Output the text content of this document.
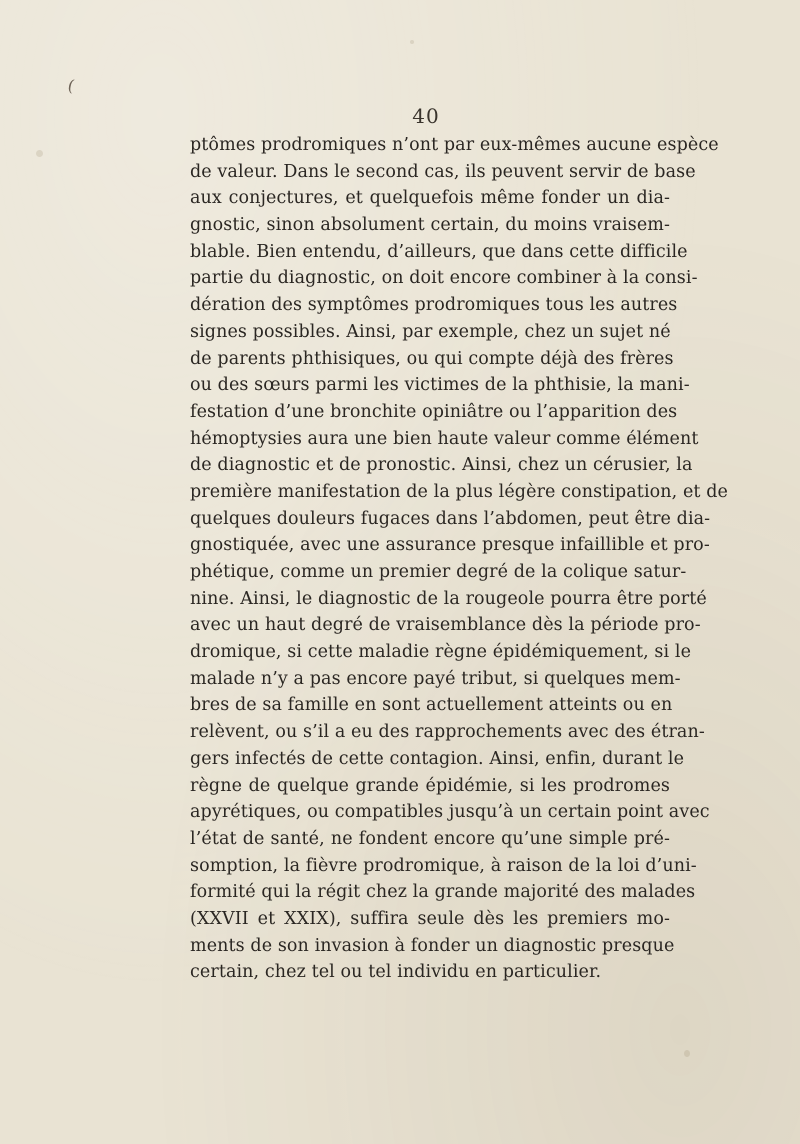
(
40
ptômes prodromiques n’ont par eux-mêmes aucune espèce
de valeur. Dans le second cas, ils peuvent servir de base
aux conjectures, et quelquefois même fonder un dia-
gnostic, sinon absolument certain, du moins vraisem-
blable. Bien entendu, d’ailleurs, que dans cette difficile
partie du diagnostic, on doit encore combiner à la consi-
dération des symptômes prodromiques tous les autres
signes possibles. Ainsi, par exemple, chez un sujet né
de parents phthisiques, ou qui compte déjà des frères
ou des sœurs parmi les victimes de la phthisie, la mani-
festation d’une bronchite opiniâtre ou l’apparition des
hémoptysies aura une bien haute valeur comme élément
de diagnostic et de pronostic. Ainsi, chez un cérusier, la
première manifestation de la plus légère constipation, et de
quelques douleurs fugaces dans l’abdomen, peut être dia-
gnostiquée, avec une assurance presque infaillible et pro-
phétique, comme un premier degré de la colique satur-
nine. Ainsi, le diagnostic de la rougeole pourra être porté
avec un haut degré de vraisemblance dès la période pro-
dromique, si cette maladie règne épidémiquement, si le
malade n’y a pas encore payé tribut, si quelques mem-
bres de sa famille en sont actuellement atteints ou en
relèvent, ou s’il a eu des rapprochements avec des étran-
gers infectés de cette contagion. Ainsi, enfin, durant le
règne de quelque grande épidémie, si les prodromes
apyrétiques, ou compatibles jusqu’à un certain point avec
l’état de santé, ne fondent encore qu’une simple pré-
somption, la fièvre prodromique, à raison de la loi d’uni-
formité qui la régit chez la grande majorité des malades
(XXVII et XXIX), suffira seule dès les premiers mo-
ments de son invasion à fonder un diagnostic presque
certain, chez tel ou tel individu en particulier.
